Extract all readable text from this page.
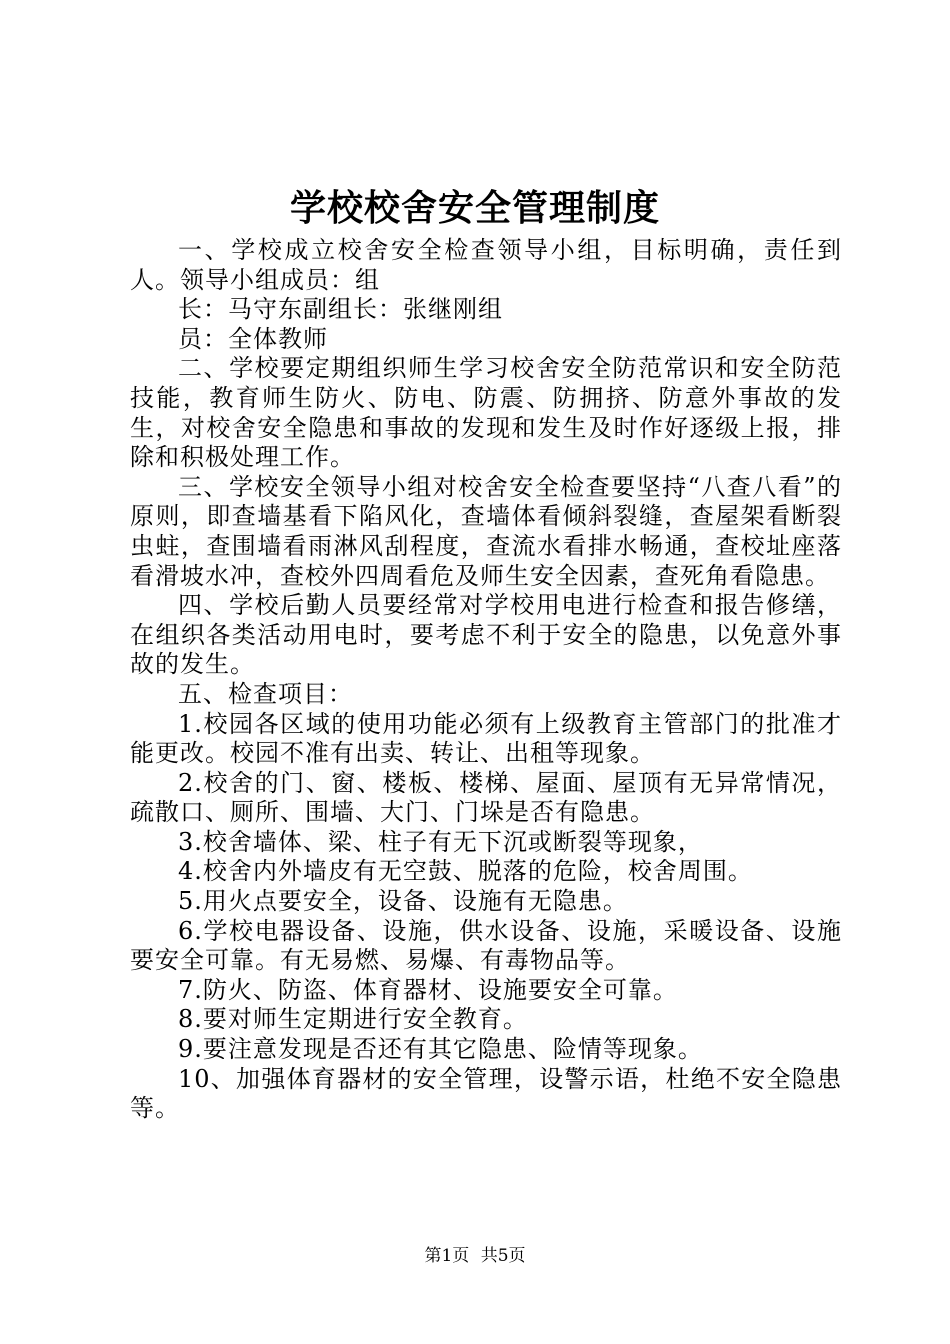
学校校舍安全管理制度

一、学校成立校舍安全检查领导小组，目标明确，责任到人。领导小组成员：组

长：马守东副组长：张继刚组

员：全体教师

二、学校要定期组织师生学习校舍安全防范常识和安全防范技能，教育师生防火、防电、防震、防拥挤、防意外事故的发生，对校舍安全隐患和事故的发现和发生及时作好逐级上报，排除和积极处理工作。

三、学校安全领导小组对校舍安全检查要坚持“八查八看”的原则，即查墙基看下陷风化，查墙体看倾斜裂缝，查屋架看断裂虫蛀，查围墙看雨淋风刮程度，查流水看排水畅通，查校址座落看滑坡水冲，查校外四周看危及师生安全因素，查死角看隐患。

四、学校后勤人员要经常对学校用电进行检查和报告修缮，在组织各类活动用电时，要考虑不利于安全的隐患，以免意外事故的发生。

五、检查项目：

1.校园各区域的使用功能必须有上级教育主管部门的批准才能更改。校园不准有出卖、转让、出租等现象。

2.校舍的门、窗、楼板、楼梯、屋面、屋顶有无异常情况，疏散口、厕所、围墙、大门、门垛是否有隐患。

3.校舍墙体、梁、柱子有无下沉或断裂等现象，

4.校舍内外墙皮有无空鼓、脱落的危险，校舍周围。

5.用火点要安全，设备、设施有无隐患。

6.学校电器设备、设施，供水设备、设施，采暖设备、设施要安全可靠。有无易燃、易爆、有毒物品等。

7.防火、防盗、体育器材、设施要安全可靠。

8.要对师生定期进行安全教育。

9.要注意发现是否还有其它隐患、险情等现象。

10、加强体育器材的安全管理，设警示语，杜绝不安全隐患等。

第1页 共5页
